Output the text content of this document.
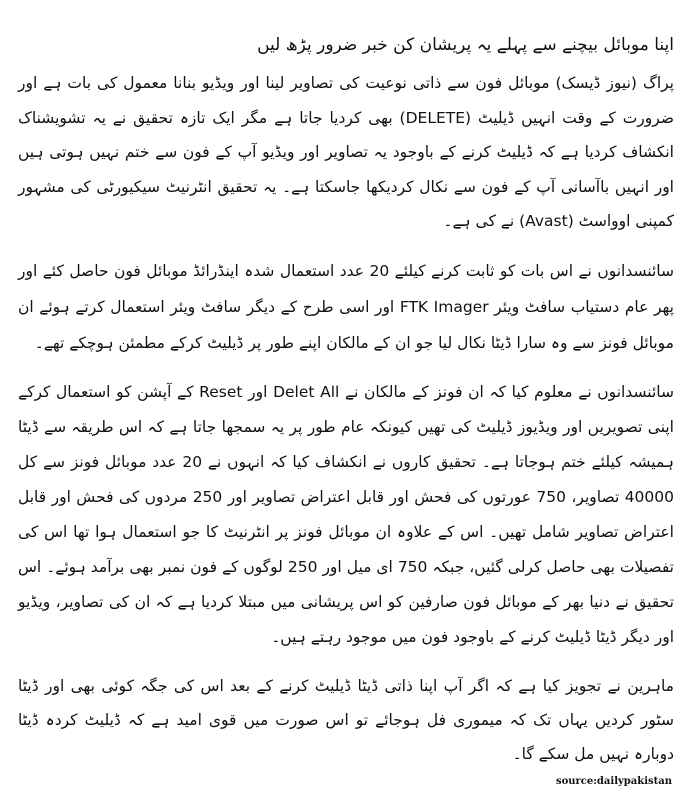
اپنا موبائل بیچنے سے پہلے یہ پریشان کن خبر ضرور پڑھ لیں

پراگ (نیوز ڈیسک) موبائل فون سے ذاتی نوعیت کی تصاویر لینا اور ویڈیو بنانا معمول کی بات ہے اور ضرورت کے وقت انہیں ڈیلیٹ (DELETE) بھی کردیا جاتا ہے مگر ایک تازہ تحقیق نے یہ تشویشناک انکشاف کردیا ہے کہ ڈیلیٹ کرنے کے باوجود یہ تصاویر اور ویڈیو آپ کے فون سے ختم نہیں ہوتی ہیں اور انہیں باآسانی آپ کے فون سے نکال کردیکھا جاسکتا ہے۔ یہ تحقیق انٹرنیٹ سیکیورٹی کی مشہور کمپنی اوواسٹ (Avast) نے کی ہے۔

سائنسدانوں نے اس بات کو ثابت کرنے کیلئے 20 عدد استعمال شدہ اینڈرائڈ موبائل فون حاصل کئے اور پھر عام دستیاب سافٹ ویئر FTK Imager اور اسی طرح کے دیگر سافٹ ویئر استعمال کرتے ہوئے ان موبائل فونز سے وہ سارا ڈیٹا نکال لیا جو ان کے مالکان اپنے طور پر ڈیلیٹ کرکے مطمئن ہوچکے تھے۔

سائنسدانوں نے معلوم کیا کہ ان فونز کے مالکان نے Delet All اور Reset کے آپشن کو استعمال کرکے اپنی تصویریں اور ویڈیوز ڈیلیٹ کی تھیں کیونکہ عام طور پر یہ سمجھا جاتا ہے کہ اس طریقہ سے ڈیٹا ہمیشہ کیلئے ختم ہوجاتا ہے۔ تحقیق کاروں نے انکشاف کیا کہ انہوں نے 20 عدد موبائل فونز سے کل 40000 تصاویر، 750 عورتوں کی فحش اور قابل اعتراض تصاویر اور 250 مردوں کی فحش اور قابل اعتراض تصاویر شامل تھیں۔ اس کے علاوہ ان موبائل فونز پر انٹرنیٹ کا جو استعمال ہوا تھا اس کی تفصیلات بھی حاصل کرلی گئیں، جبکہ 750 ای میل اور 250 لوگوں کے فون نمبر بھی برآمد ہوئے۔ اس تحقیق نے دنیا بھر کے موبائل فون صارفین کو اس پریشانی میں مبتلا کردیا ہے کہ ان کی تصاویر، ویڈیو اور دیگر ڈیٹا ڈیلیٹ کرنے کے باوجود فون میں موجود رہتے ہیں۔

ماہرین نے تجویز کیا ہے کہ اگر آپ اپنا ذاتی ڈیٹا ڈیلیٹ کرنے کے بعد اس کی جگہ کوئی بھی اور ڈیٹا سٹور کردیں یہاں تک کہ میموری فل ہوجائے تو اس صورت میں قوی امید ہے کہ ڈیلیٹ کردہ ڈیٹا دوبارہ نہیں مل سکے گا۔

source:dailypakistan
